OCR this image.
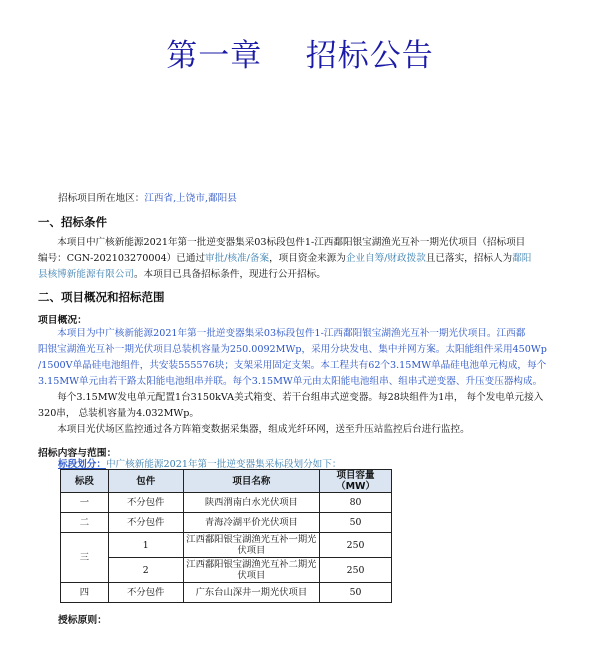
第一章    招标公告
招标项目所在地区：江西省,上饶市,鄱阳县
一、招标条件
本项目中广核新能源2021年第一批逆变器集采03标段包件1-江西鄱阳银宝湖渔光互补一期光伏项目（招标项目
编号：CGN-202103270004）已通过审批/核准/备案，项目资金来源为企业自筹/财政拨款且已落实，招标人为鄱阳
县核博新能源有限公司。本项目已具备招标条件，现进行公开招标。
二、项目概况和招标范围
项目概况：
本项目为中广核新能源2021年第一批逆变器集采03标段包件1-江西鄱阳银宝湖渔光互补一期光伏项目。江西鄱
阳银宝湖渔光互补一期光伏项目总装机容量为250.0092MWp，采用分块发电、集中并网方案。太阳能组件采用450Wp
/1500V单晶硅电池组件，共安装555576块；支架采用固定支架。本工程共有62个3.15MW单晶硅电池单元构成，每个
3.15MW单元由若干路太阳能电池组串并联。每个3.15MW单元由太阳能电池组串、组串式逆变器、升压变压器构成。
每个3.15MW发电单元配置1台3150kVA美式箱变、若干台组串式逆变器。每28块组件为1串， 每个发电单元接入
320串， 总装机容量为4.032MWp。
本项目光伏场区监控通过各方阵箱变数据采集器，组成光纤环网，送至升压站监控后台进行监控。
招标内容与范围：
标段划分：中广核新能源2021年第一批逆变器集采标段划分如下：
标段	包件	项目名称	项目容量（MW）
一	不分包件	陕西渭南白水光伏项目	80
二	不分包件	青海冷湖平价光伏项目	50
三	1	江西鄱阳银宝湖渔光互补一期光伏项目	250
	2	江西鄱阳银宝湖渔光互补二期光伏项目	250
四	不分包件	广东台山深井一期光伏项目	50
授标原则：
